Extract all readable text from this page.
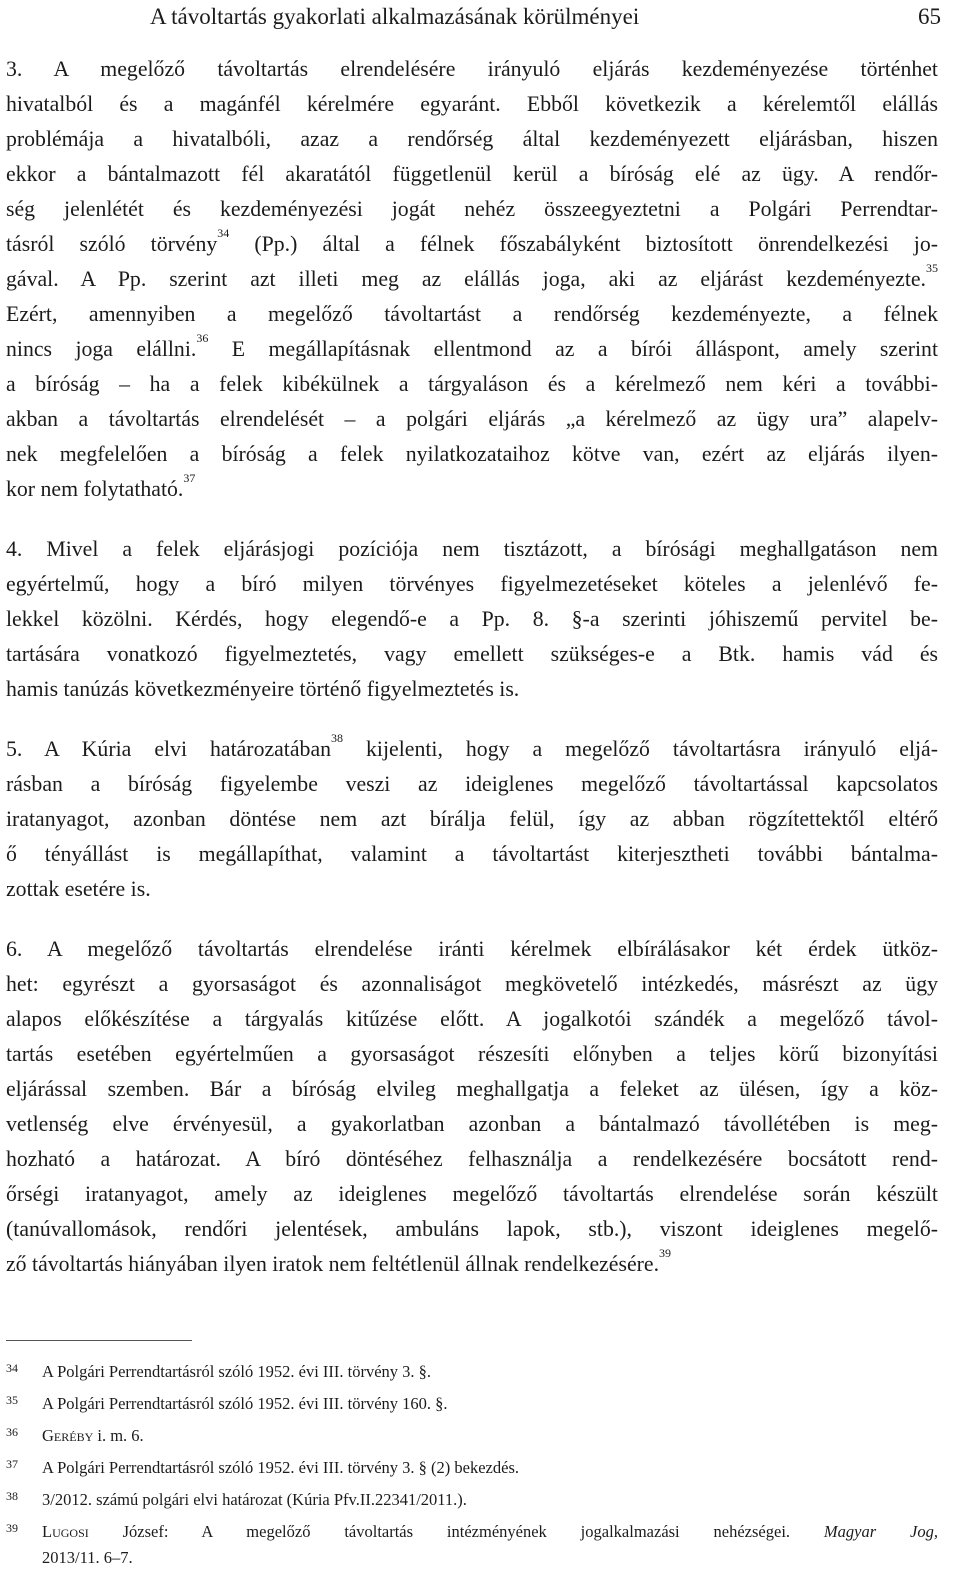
A távoltartás gyakorlati alkalmazásának körülményei	65

3. A megelőző távoltartás elrendelésére irányuló eljárás kezdeményezése történhet

hivatalból és a magánfél kérelmére egyaránt. Ebből következik a kérelemtől elállás

problémája a hivatalbóli, azaz a rendőrség által kezdeményezett eljárásban, hiszen

ekkor a bántalmazott fél akaratától függetlenül kerül a bíróság elé az ügy. A rendőr-

ség jelenlétét és kezdeményezési jogát nehéz összeegyeztetni a Polgári Perrendtar-

tásról szóló törvény$^{34}$ (Pp.) által a félnek főszabályként biztosított önrendelkezési jo-

gával. A Pp. szerint azt illeti meg az elállás joga, aki az eljárást kezdeményezte.$^{35}$

Ezért, amennyiben a megelőző távoltartást a rendőrség kezdeményezte, a félnek

nincs joga elállni.$^{36}$ E megállapításnak ellentmond az a bírói álláspont, amely szerint

a bíróság – ha a felek kibékülnek a tárgyaláson és a kérelmező nem kéri a további-

akban a távoltartás elrendelését – a polgári eljárás „a kérelmező az ügy ura” alapelv-

nek megfelelően a bíróság a felek nyilatkozataihoz kötve van, ezért az eljárás ilyen-

kor nem folytatható.$^{37}$

4. Mivel a felek eljárásjogi pozíciója nem tisztázott, a bírósági meghallgatáson nem

egyértelmű, hogy a bíró milyen törvényes figyelmezetéseket köteles a jelenlévő fe-

lekkel közölni. Kérdés, hogy elegendő-e a Pp. 8. §-a szerinti jóhiszemű pervitel be-

tartására vonatkozó figyelmeztetés, vagy emellett szükséges-e a Btk. hamis vád és

hamis tanúzás következményeire történő figyelmeztetés is.

5. A Kúria elvi határozatában$^{38}$ kijelenti, hogy a megelőző távoltartásra irányuló eljá-

rásban a bíróság figyelembe veszi az ideiglenes megelőző távoltartással kapcsolatos

iratanyagot, azonban döntése nem azt bírálja felül, így az abban rögzítettektől eltérő

ő tényállást is megállapíthat, valamint a távoltartást kiterjesztheti további bántalma-

zottak esetére is.

6. A megelőző távoltartás elrendelése iránti kérelmek elbírálásakor két érdek ütköz-

het: egyrészt a gyorsaságot és azonnaliságot megkövetelő intézkedés, másrészt az ügy

alapos előkészítése a tárgyalás kitűzése előtt. A jogalkotói szándék a megelőző távol-

tartás esetében egyértelműen a gyorsaságot részesíti előnyben a teljes körű bizonyítási

eljárással szemben. Bár a bíróság elvileg meghallgatja a feleket az ülésen, így a köz-

vetlenség elve érvényesül, a gyakorlatban azonban a bántalmazó távollétében is meg-

hozható a határozat. A bíró döntéséhez felhasználja a rendelkezésére bocsátott rend-

őrségi iratanyagot, amely az ideiglenes megelőző távoltartás elrendelése során készült

(tanúvallomások, rendőri jelentések, ambuláns lapok, stb.), viszont ideiglenes megelő-

ző távoltartás hiányában ilyen iratok nem feltétlenül állnak rendelkezésére.$^{39}$

34 A Polgári Perrendtartásról szóló 1952. évi III. törvény 3. §.
35 A Polgári Perrendtartásról szóló 1952. évi III. törvény 160. §.
36 Geréby i. m. 6.
37 A Polgári Perrendtartásról szóló 1952. évi III. törvény 3. § (2) bekezdés.
38 3/2012. számú polgári elvi határozat (Kúria Pfv.II.22341/2011.).
39 Lugosi József: A megelőző távoltartás intézményének jogalkalmazási nehézségei. Magyar Jog,
2013/11. 6–7.
